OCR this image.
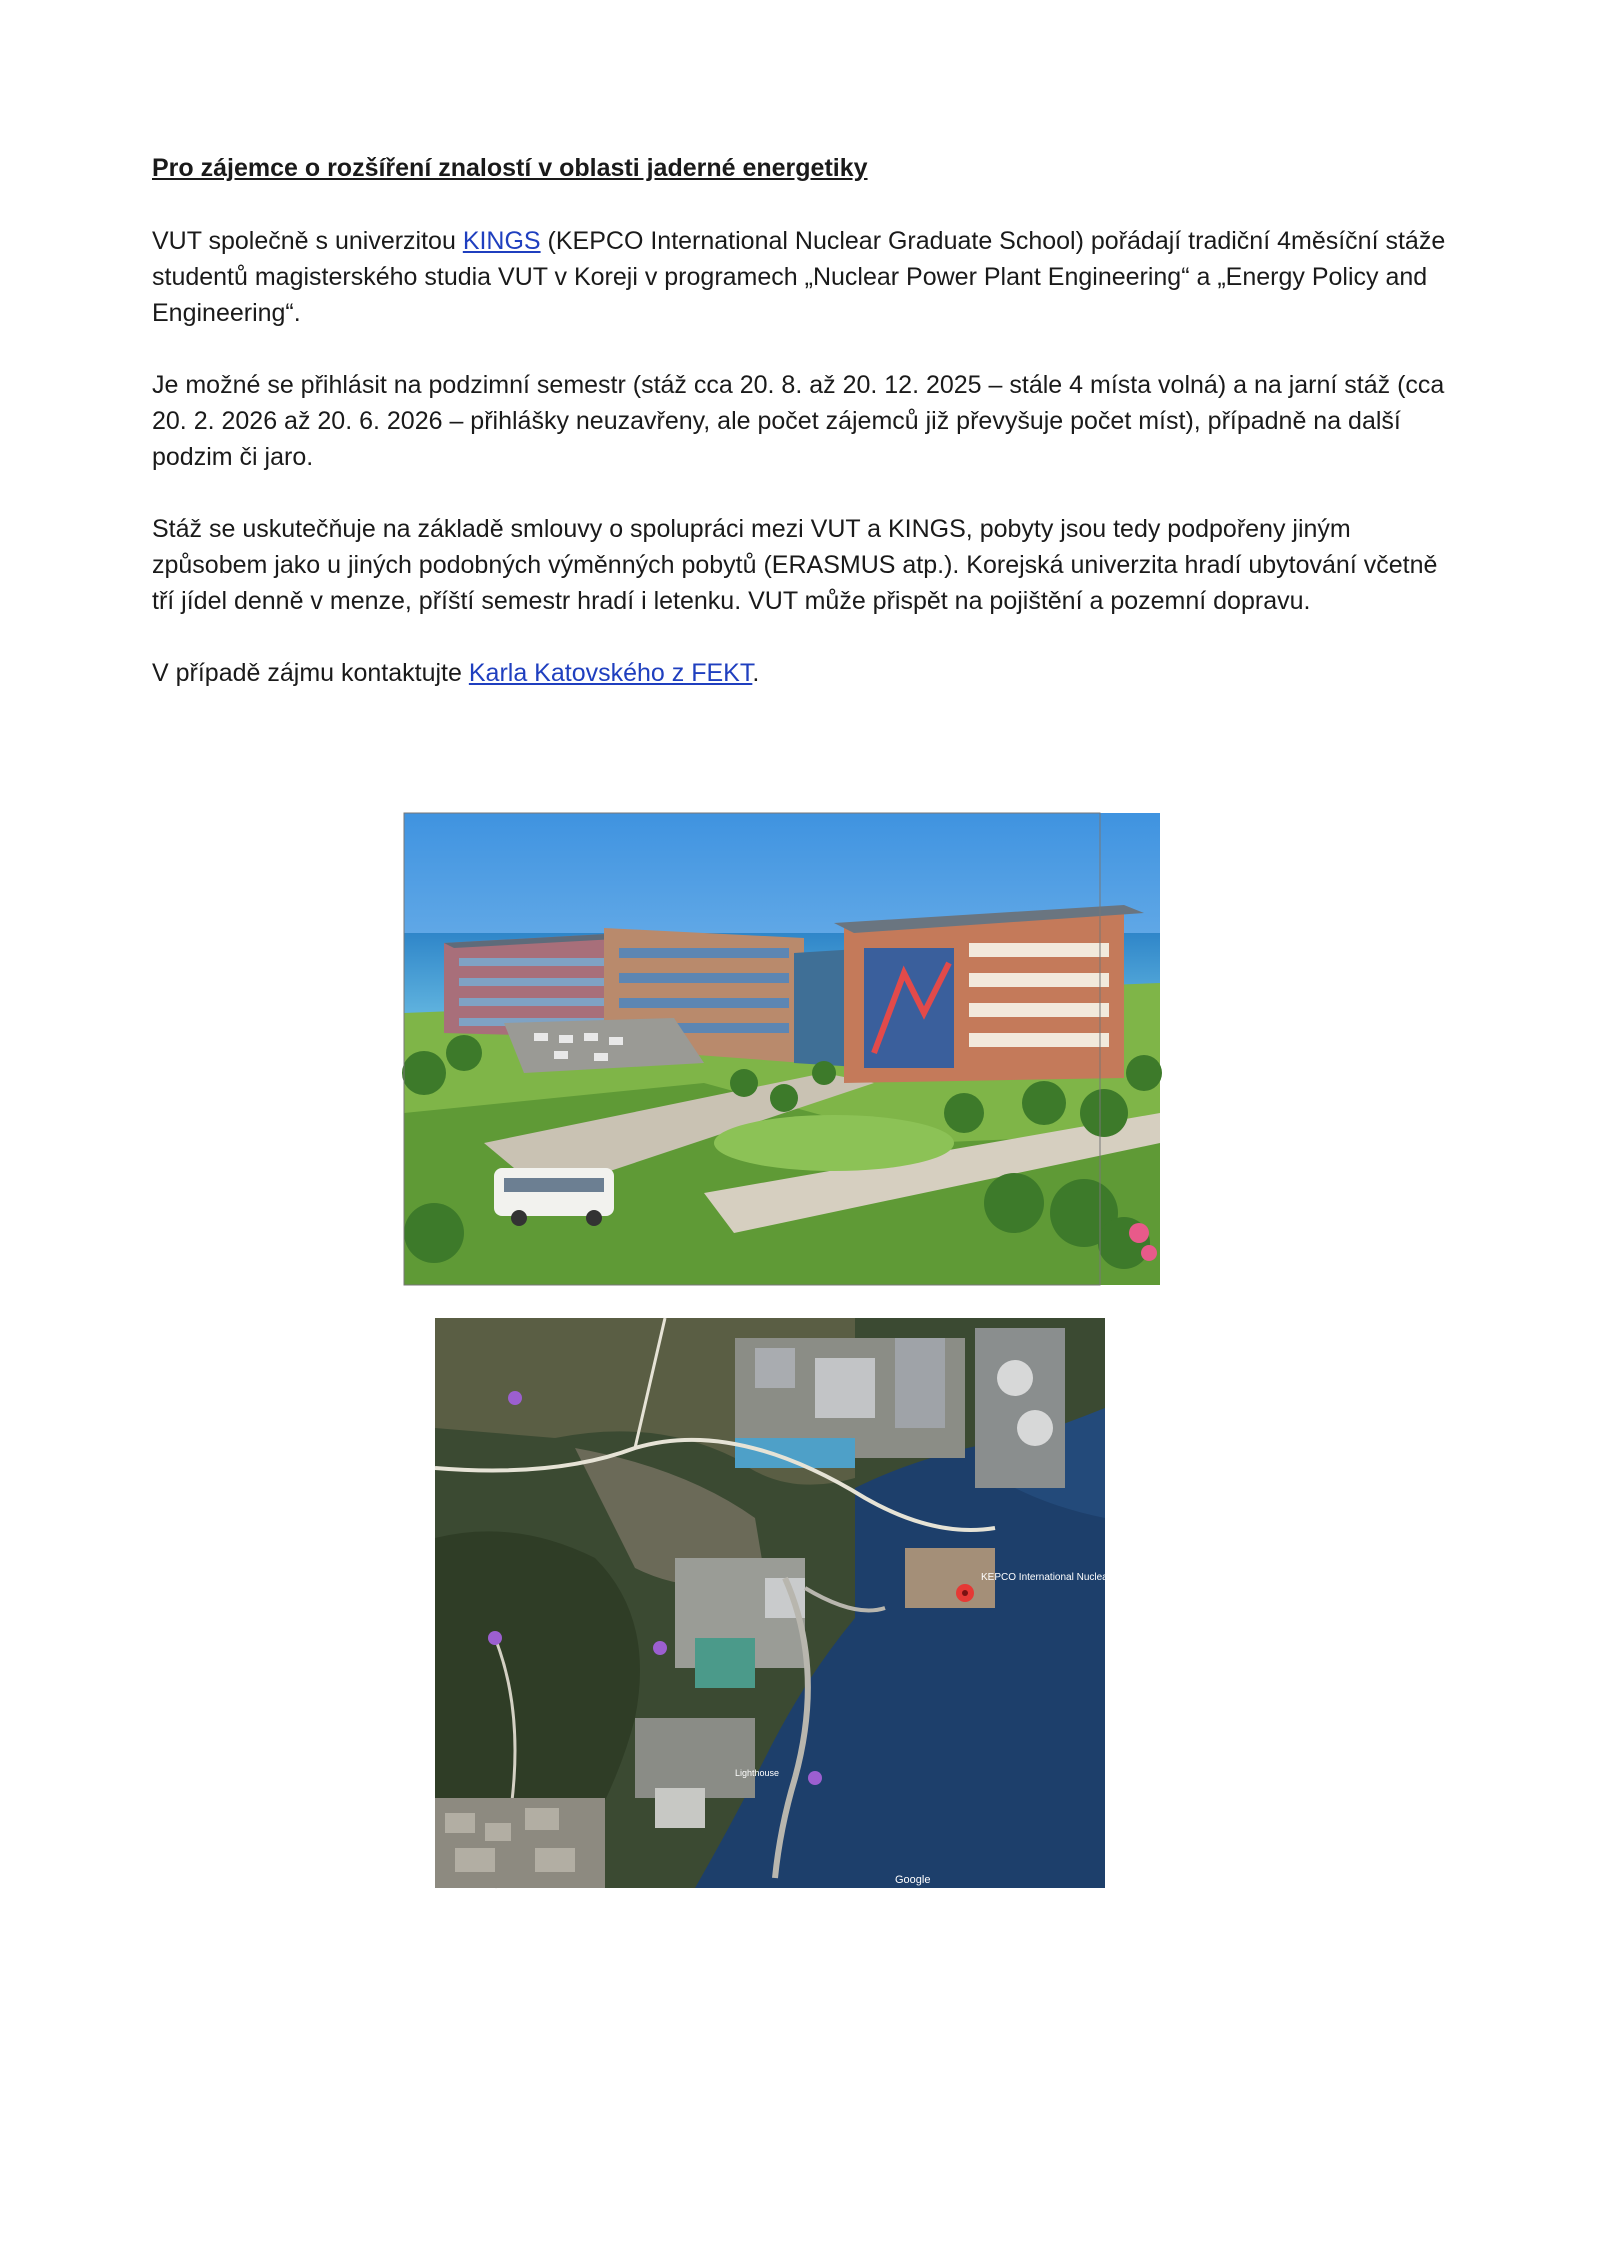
Pro zájemce o rozšíření znalostí v oblasti jaderné energetiky

VUT společně s univerzitou KINGS (KEPCO International Nuclear Graduate School) pořádají tradiční 4měsíční stáže studentů magisterského studia VUT v Koreji v programech „Nuclear Power Plant Engineering“ a „Energy Policy and Engineering“.

Je možné se přihlásit na podzimní semestr (stáž cca 20. 8. až 20. 12. 2025 – stále 4 místa volná) a na jarní stáž (cca 20. 2. 2026 až 20. 6. 2026 – přihlášky neuzavřeny, ale počet zájemců již převyšuje počet míst), případně na další podzim či jaro.

Stáž se uskutečňuje na základě smlouvy o spolupráci mezi VUT a KINGS, pobyty jsou tedy podpořeny jiným způsobem jako u jiných podobných výměnných pobytů (ERASMUS atp.). Korejská univerzita hradí ubytování včetně tří jídel denně v menze, příští semestr hradí i letenku. VUT může přispět na pojištění a pozemní dopravu.

V případě zájmu kontaktujte Karla Katovského z FEKT.

KEPCO International Nuclear Graduate School
Lighthouse
Google
